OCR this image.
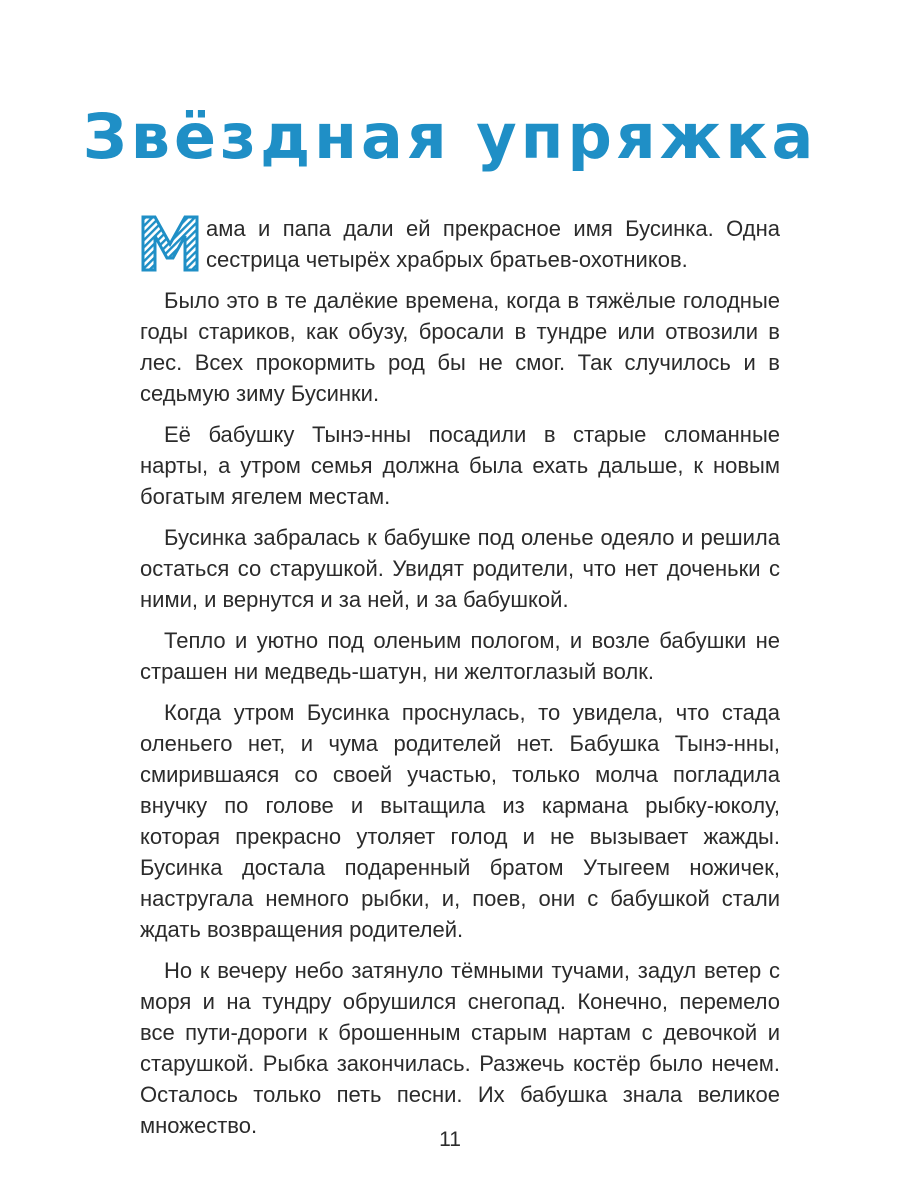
Звёздная упряжка

ама и папа дали ей прекрасное имя Бусинка. Одна сестрица четырёх храбрых братьев-охотников.

Было это в те далёкие времена, когда в тяжёлые голодные годы стариков, как обузу, бросали в тундре или отвозили в лес. Всех прокормить род бы не смог. Так случилось и в седьмую зиму Бусинки.

Её бабушку Тынэ-нны посадили в старые сломанные нарты, а утром семья должна была ехать дальше, к новым богатым ягелем местам.

Бусинка забралась к бабушке под оленье одеяло и решила остаться со старушкой. Увидят родители, что нет доченьки с ними, и вернутся и за ней, и за бабушкой.

Тепло и уютно под оленьим пологом, и возле бабушки не страшен ни медведь-шатун, ни желтоглазый волк.

Когда утром Бусинка проснулась, то увидела, что стада оленьего нет, и чума родителей нет. Бабушка Тынэ-нны, смирившаяся со своей участью, только молча погладила внучку по голове и вытащила из кармана рыбку-юколу, которая прекрасно утоляет голод и не вызывает жажды. Бусинка достала подаренный братом Утыгеем ножичек, настругала немного рыбки, и, поев, они с бабушкой стали ждать возвращения родителей.

Но к вечеру небо затянуло тёмными тучами, задул ветер с моря и на тундру обрушился снегопад. Конечно, перемело все пути-дороги к брошенным старым нартам с девочкой и старушкой. Рыбка закончилась. Разжечь костёр было нечем. Осталось только петь песни. Их бабушка знала великое множество.

11
